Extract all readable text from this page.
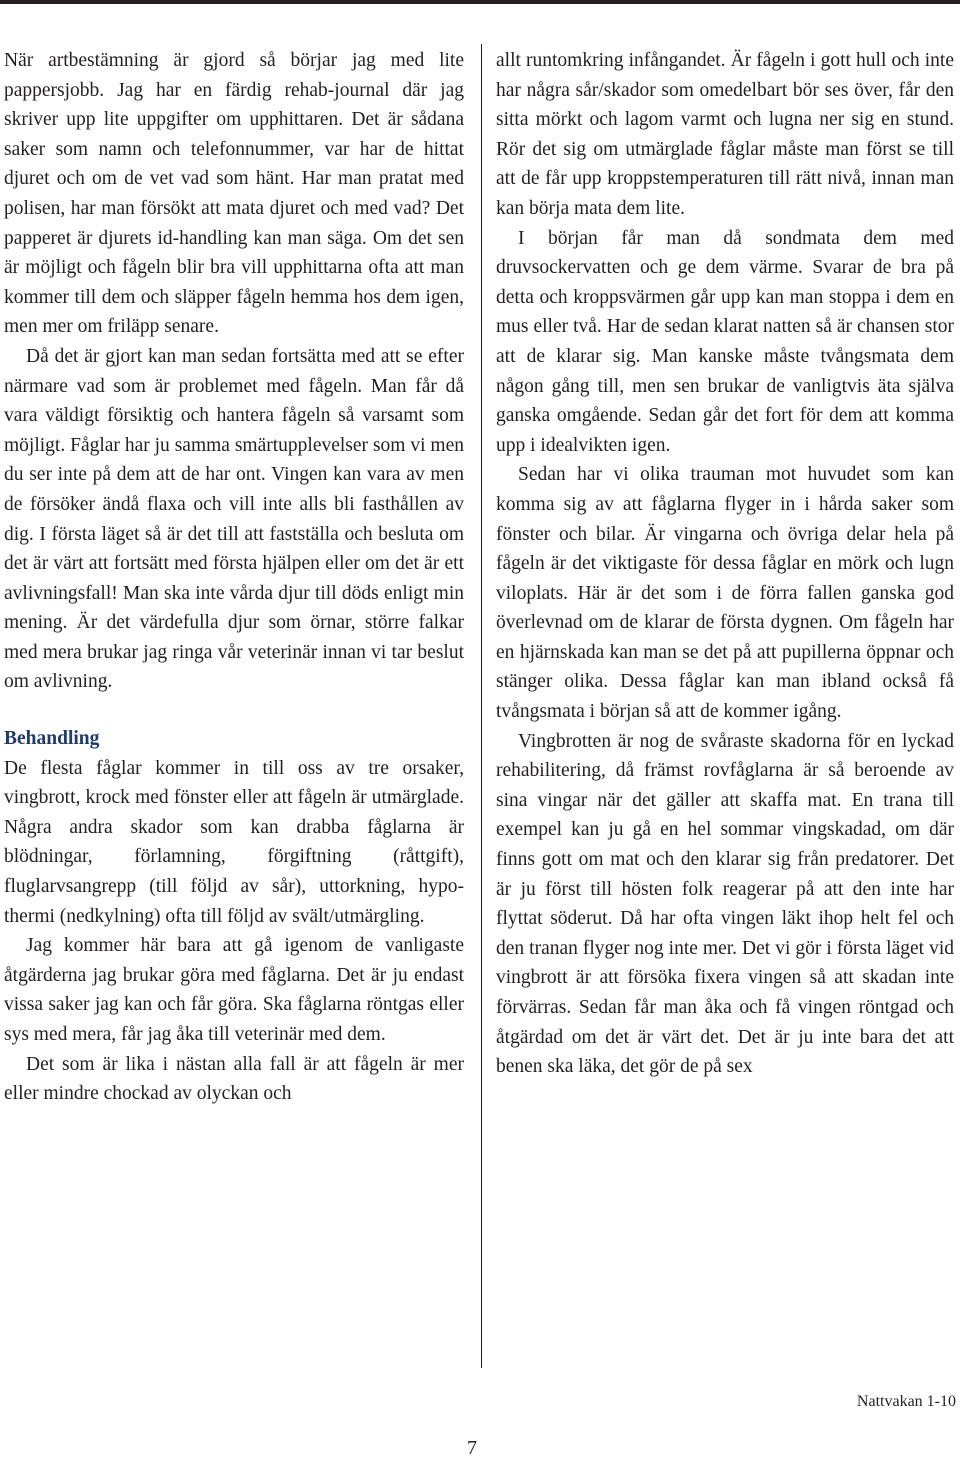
När artbestämning är gjord så börjar jag med lite pappersjobb. Jag har en färdig rehab-journal där jag skriver upp lite uppgifter om upphittaren. Det är sådana saker som namn och telefonnummer, var har de hittat djuret och om de vet vad som hänt. Har man pratat med polisen, har man försökt att mata djuret och med vad? Det papperet är djurets id-handling kan man säga. Om det sen är möjligt och fågeln blir bra vill upphittarna ofta att man kommer till dem och släpper fågeln hemma hos dem igen, men mer om friläpp senare.

Då det är gjort kan man sedan fortsätta med att se efter närmare vad som är problemet med fågeln. Man får då vara väldigt försiktig och hantera fågeln så varsamt som möjligt. Fåglar har ju samma smärtupplevelser som vi men du ser inte på dem att de har ont. Vingen kan vara av men de försöker ändå flaxa och vill inte alls bli fasthållen av dig. I första läget så är det till att fastställa och besluta om det är värt att fortsätt med första hjälpen eller om det är ett avlivningsfall! Man ska inte vårda djur till döds enligt min mening. Är det värdefulla djur som örnar, större falkar med mera brukar jag ringa vår veterinär innan vi tar beslut om avlivning.

Behandling

De flesta fåglar kommer in till oss av tre orsaker, vingbrott, krock med fönster eller att fågeln är utmärglade. Några andra skador som kan drabba fåglarna är blödningar, förlamning, förgiftning (råttgift), fluglarvsangrepp (till följd av sår), uttorkning, hypo-thermi (nedkylning) ofta till följd av svält/utmärgling.

Jag kommer här bara att gå igenom de vanligaste åtgärderna jag brukar göra med fåglarna. Det är ju endast vissa saker jag kan och får göra. Ska fåglarna röntgas eller sys med mera, får jag åka till veterinär med dem.

Det som är lika i nästan alla fall är att fågeln är mer eller mindre chockad av olyckan och

allt runtomkring infångandet. Är fågeln i gott hull och inte har några sår/skador som omedelbart bör ses över, får den sitta mörkt och lagom varmt och lugna ner sig en stund. Rör det sig om utmärglade fåglar måste man först se till att de får upp kroppstemperaturen till rätt nivå, innan man kan börja mata dem lite.

I början får man då sondmata dem med druvsockervatten och ge dem värme. Svarar de bra på detta och kroppsvärmen går upp kan man stoppa i dem en mus eller två. Har de sedan klarat natten så är chansen stor att de klarar sig. Man kanske måste tvångsmata dem någon gång till, men sen brukar de vanligtvis äta själva ganska omgående. Sedan går det fort för dem att komma upp i idealvikten igen.

Sedan har vi olika trauman mot huvudet som kan komma sig av att fåglarna flyger in i hårda saker som fönster och bilar. Är vingarna och övriga delar hela på fågeln är det viktigaste för dessa fåglar en mörk och lugn viloplats. Här är det som i de förra fallen ganska god överlevnad om de klarar de första dygnen. Om fågeln har en hjärnskada kan man se det på att pupillerna öppnar och stänger olika. Dessa fåglar kan man ibland också få tvångsmata i början så att de kommer igång.

Vingbrotten är nog de svåraste skadorna för en lyckad rehabilitering, då främst rovfåglarna är så beroende av sina vingar när det gäller att skaffa mat. En trana till exempel kan ju gå en hel sommar vingskadad, om där finns gott om mat och den klarar sig från predatorer. Det är ju först till hösten folk reagerar på att den inte har flyttat söderut. Då har ofta vingen läkt ihop helt fel och den tranan flyger nog inte mer. Det vi gör i första läget vid vingbrott är att försöka fixera vingen så att skadan inte förvärras. Sedan får man åka och få vingen röntgad och åtgärdad om det är värt det. Det är ju inte bara det att benen ska läka, det gör de på sex

Nattvakan 1-10
7
